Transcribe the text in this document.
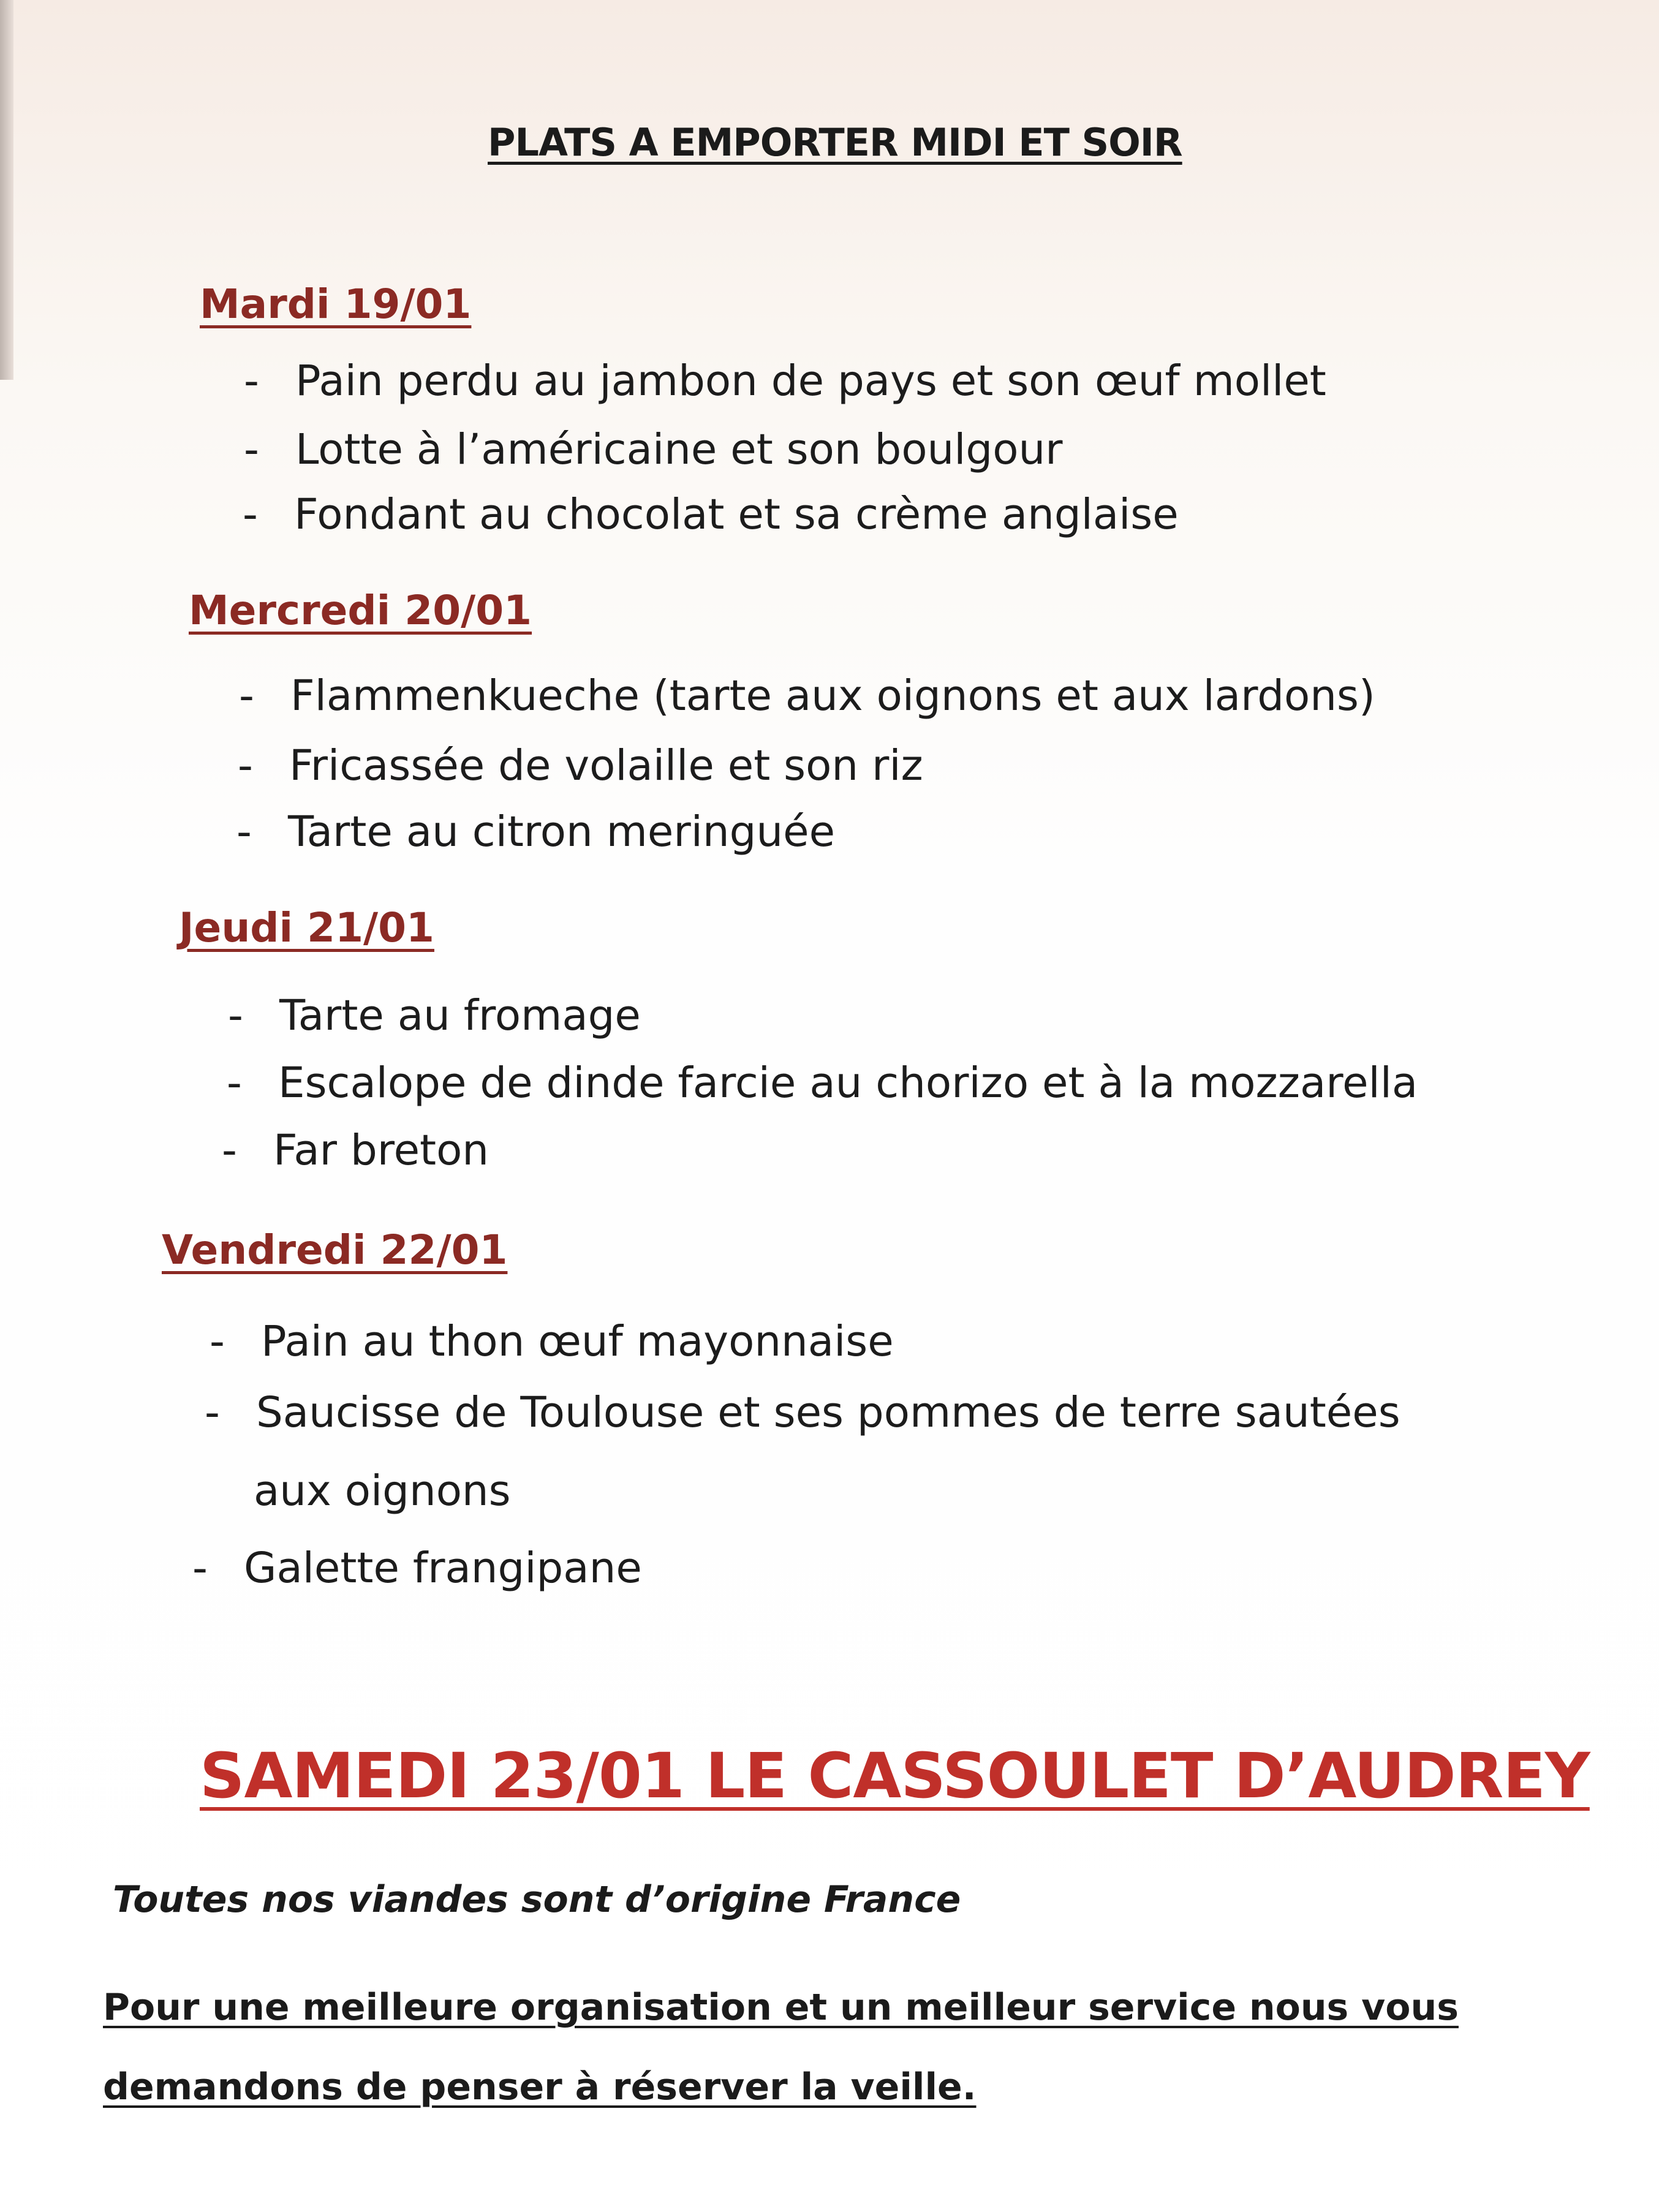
PLATS A EMPORTER MIDI ET SOIR
Mardi 19/01
- Pain perdu au jambon de pays et son œuf mollet
- Lotte à l’américaine et son boulgour
- Fondant au chocolat et sa crème anglaise
Mercredi 20/01
- Flammenkueche (tarte aux oignons et aux lardons)
- Fricassée de volaille et son riz
- Tarte au citron meringuée
Jeudi 21/01
- Tarte au fromage
- Escalope de dinde farcie au chorizo et à la mozzarella
- Far breton
Vendredi 22/01
- Pain au thon œuf mayonnaise
- Saucisse de Toulouse et ses pommes de terre sautées
aux oignons
- Galette frangipane
SAMEDI 23/01 LE CASSOULET D’AUDREY
Toutes nos viandes sont d’origine France
Pour une meilleure organisation et un meilleur service nous vous demandons de penser à réserver la veille.
